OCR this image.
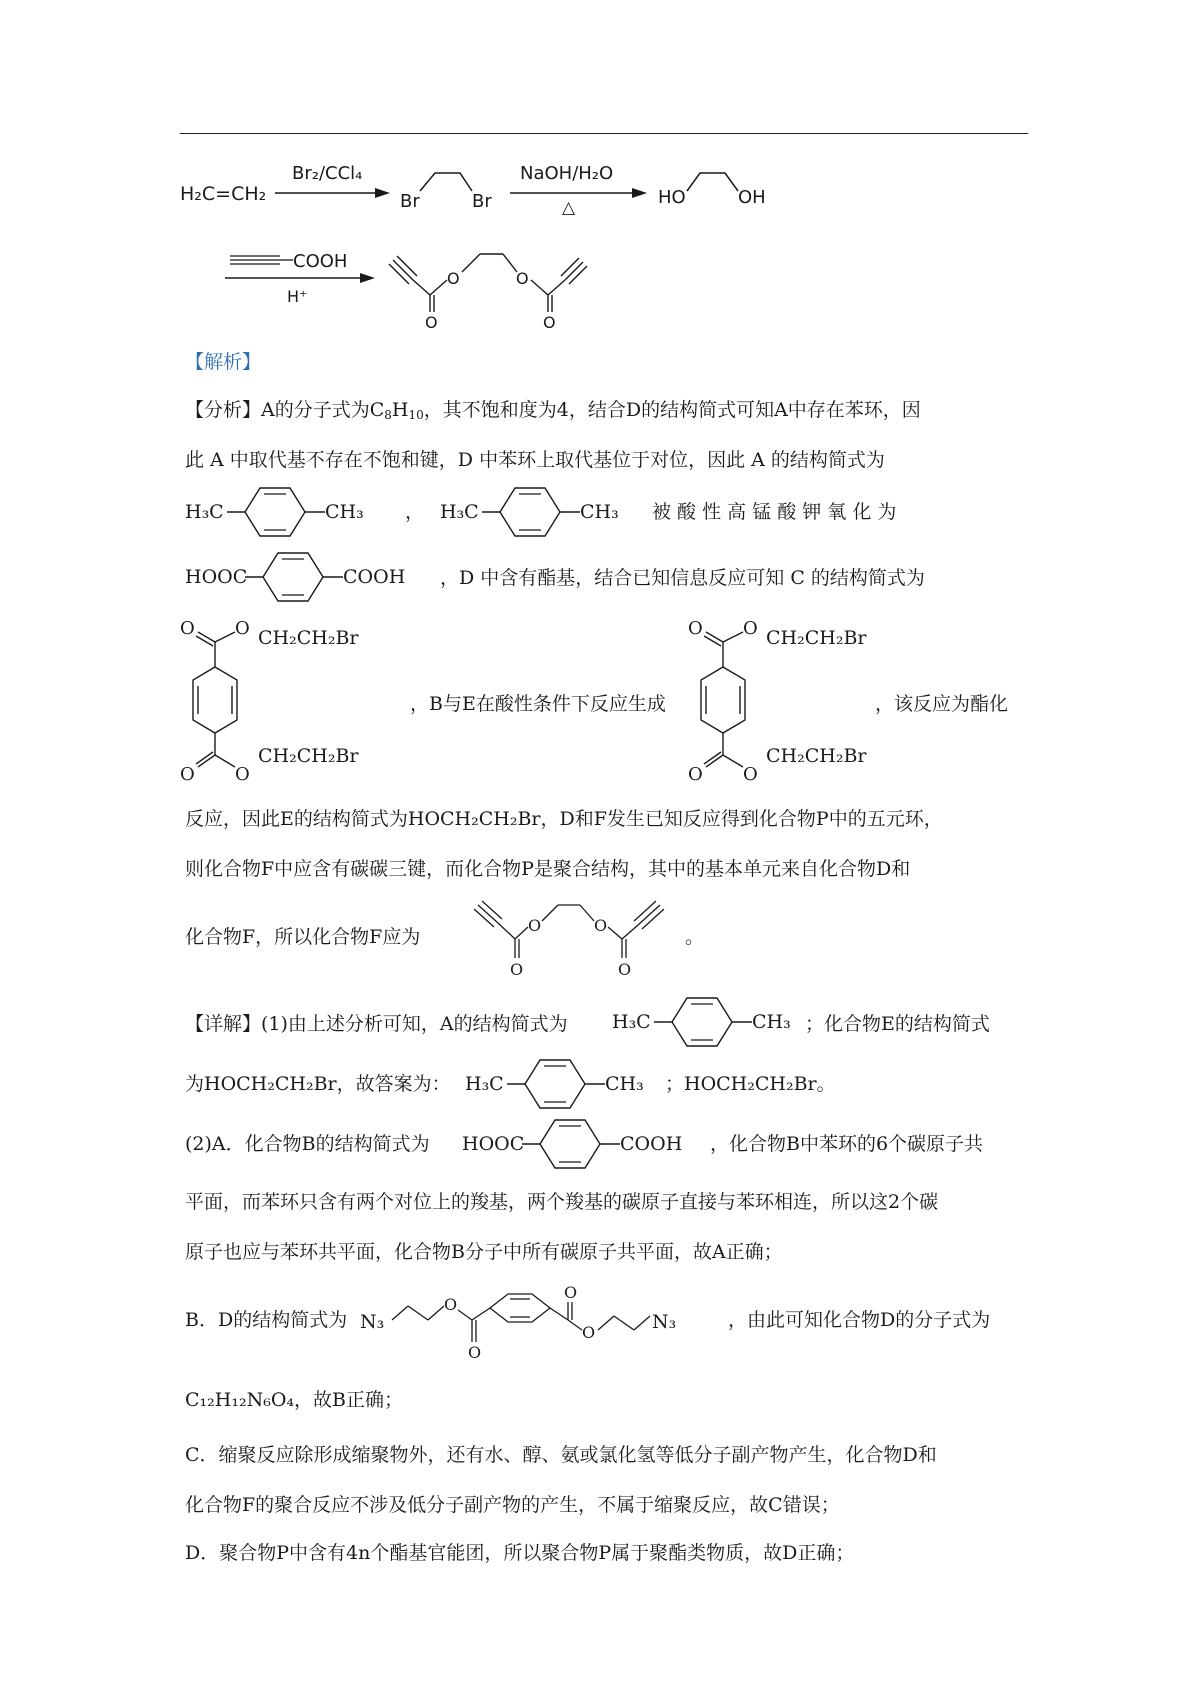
H₂C=CH₂
Br₂/CCl₄
Br	Br
NaOH/H₂O
△	HO	OH
COOH
H⁺
O
O
O
O
【解析】
【分析】A的分子式为$C_8H_{10}$，其不饱和度为4，结合D的结构简式可知A中存在苯环，因
此 A 中取代基不存在不饱和键，D 中苯环上取代基位于对位，因此 A 的结构简式为
H₃C	CH₃ ， H₃C	CH₃ 被 酸 性 高 锰 酸 钾 氧 化 为
HOOC	COOH ，D 中含有酯基，结合已知信息反应可知 C 的结构简式为
O O CH₂CH₂Br
O O
CH₂CH₂Br
，B与E在酸性条件下反应生成
O O CH₂CH₂Br
O O
CH₂CH₂Br
，该反应为酯化
反应，因此E的结构简式为HOCH₂CH₂Br，D和F发生已知反应得到化合物P中的五元环，
则化合物F中应含有碳碳三键，而化合物P是聚合结构，其中的基本单元来自化合物D和
化合物F，所以化合物F应为
O
O
O
O
。
【详解】(1)由上述分析可知，A的结构简式为 H₃C	CH₃ ；化合物E的结构简式
为HOCH₂CH₂Br，故答案为： H₃C	CH₃ ；HOCH₂CH₂Br。
(2)A．化合物B的结构简式为 HOOC	COOH ，化合物B中苯环的6个碳原子共
平面，而苯环只含有两个对位上的羧基，两个羧基的碳原子直接与苯环相连，所以这2个碳
原子也应与苯环共平面，化合物B分子中所有碳原子共平面，故A正确；
B．D的结构简式为 N₃
O
O
O
O	N₃	，由此可知化合物D的分子式为
C₁₂H₁₂N₆O₄，故B正确；
C．缩聚反应除形成缩聚物外，还有水、醇、氨或氯化氢等低分子副产物产生，化合物D和
化合物F的聚合反应不涉及低分子副产物的产生，不属于缩聚反应，故C错误；
D．聚合物P中含有4n个酯基官能团，所以聚合物P属于聚酯类物质，故D正确；
